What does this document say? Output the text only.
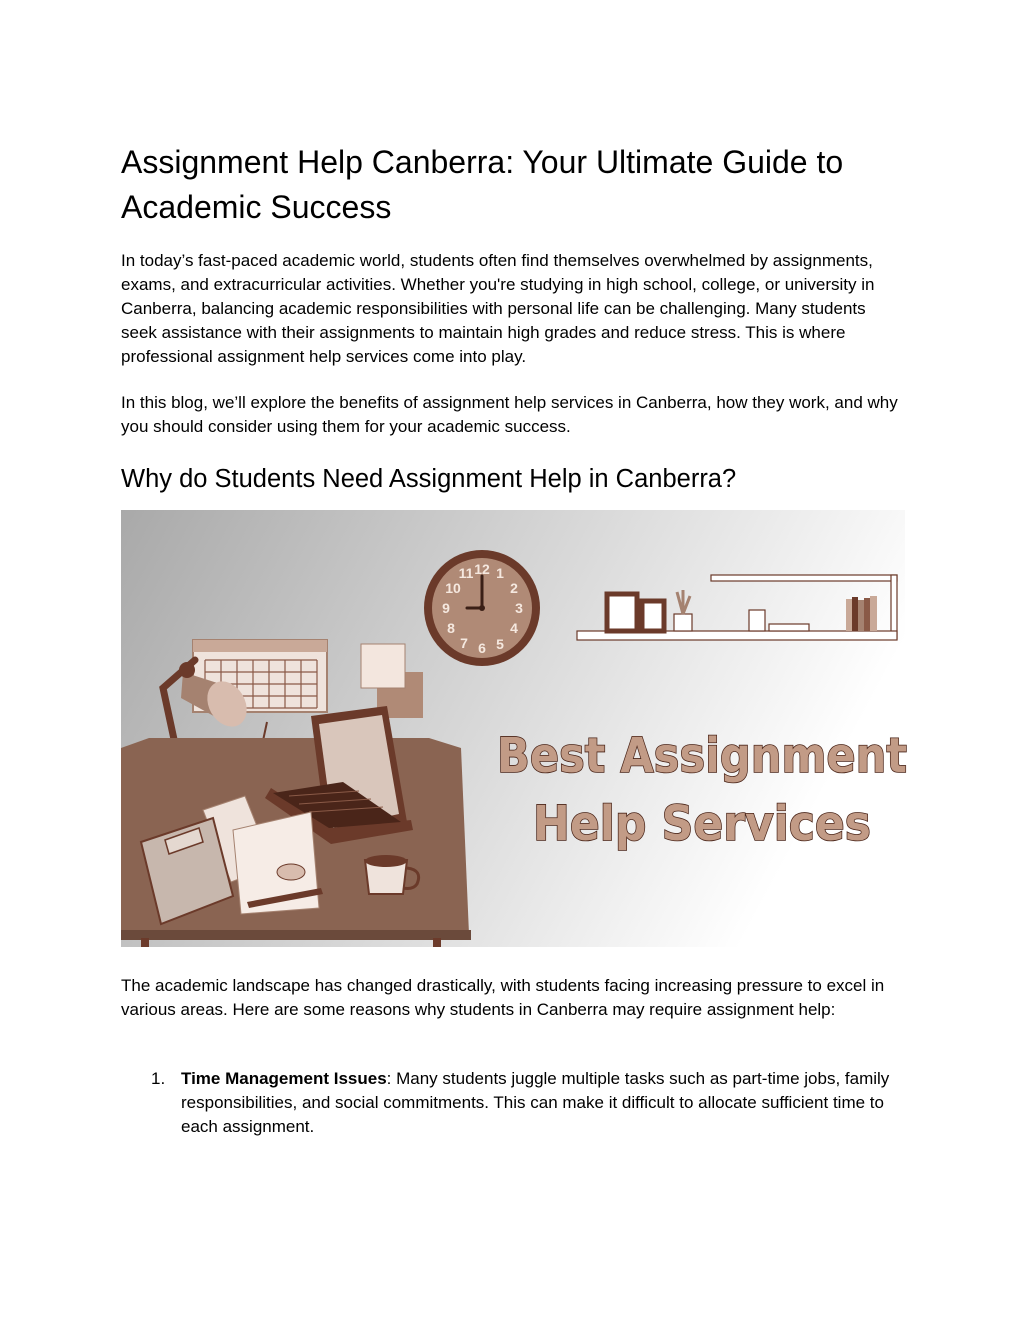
Assignment Help Canberra: Your Ultimate Guide to Academic Success

In today’s fast-paced academic world, students often find themselves overwhelmed by assignments, exams, and extracurricular activities. Whether you're studying in high school, college, or university in Canberra, balancing academic responsibilities with personal life can be challenging. Many students seek assistance with their assignments to maintain high grades and reduce stress. This is where professional assignment help services come into play.

In this blog, we’ll explore the benefits of assignment help services in Canberra, how they work, and why you should consider using them for your academic success.

Why do Students Need Assignment Help in Canberra?
12 1
2
3
4
5
6
7
8
9
10
11
Best Assignment
Help Services

The academic landscape has changed drastically, with students facing increasing pressure to excel in various areas. Here are some reasons why students in Canberra may require assignment help:

1. Time Management Issues: Many students juggle multiple tasks such as part-time jobs, family responsibilities, and social commitments. This can make it difficult to allocate sufficient time to each assignment.
